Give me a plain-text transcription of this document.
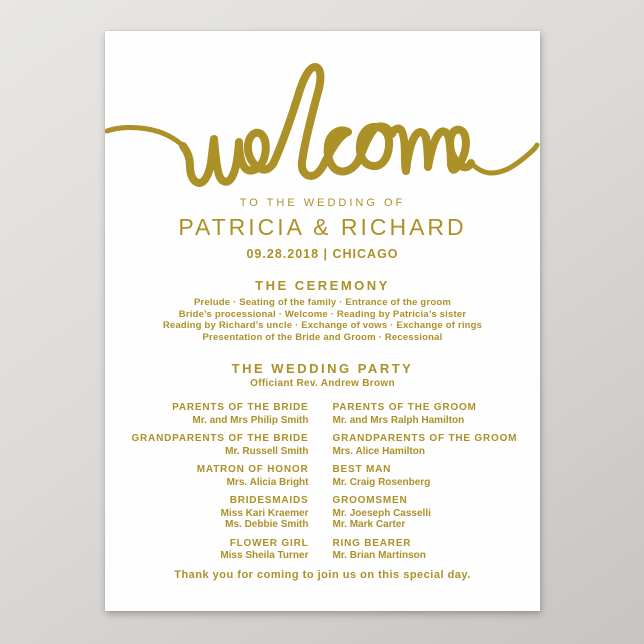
TO THE WEDDING OF
PATRICIA & RICHARD
09.28.2018 | CHICAGO
THE CEREMONY
Prelude · Seating of the family · Entrance of the groom
Bride’s processional · Welcome · Reading by Patricia’s sister
Reading by Richard’s uncle · Exchange of vows · Exchange of rings
Presentation of the Bride and Groom · Recessional
THE WEDDING PARTY
Officiant Rev. Andrew Brown
PARENTS OF THE BRIDE
Mr. and Mrs Philip Smith
PARENTS OF THE GROOM
Mr. and Mrs Ralph Hamilton
GRANDPARENTS OF THE BRIDE
Mr. Russell Smith
GRANDPARENTS OF THE GROOM
Mrs. Alice Hamilton
MATRON OF HONOR
Mrs. Alicia Bright
BEST MAN
Mr. Craig Rosenberg
BRIDESMAIDS
Miss Kari Kraemer
Ms. Debbie Smith
GROOMSMEN
Mr. Joeseph Casselli
Mr. Mark Carter
FLOWER GIRL
Miss Sheila Turner
RING BEARER
Mr. Brian Martinson
Thank you for coming to join us on this special day.
